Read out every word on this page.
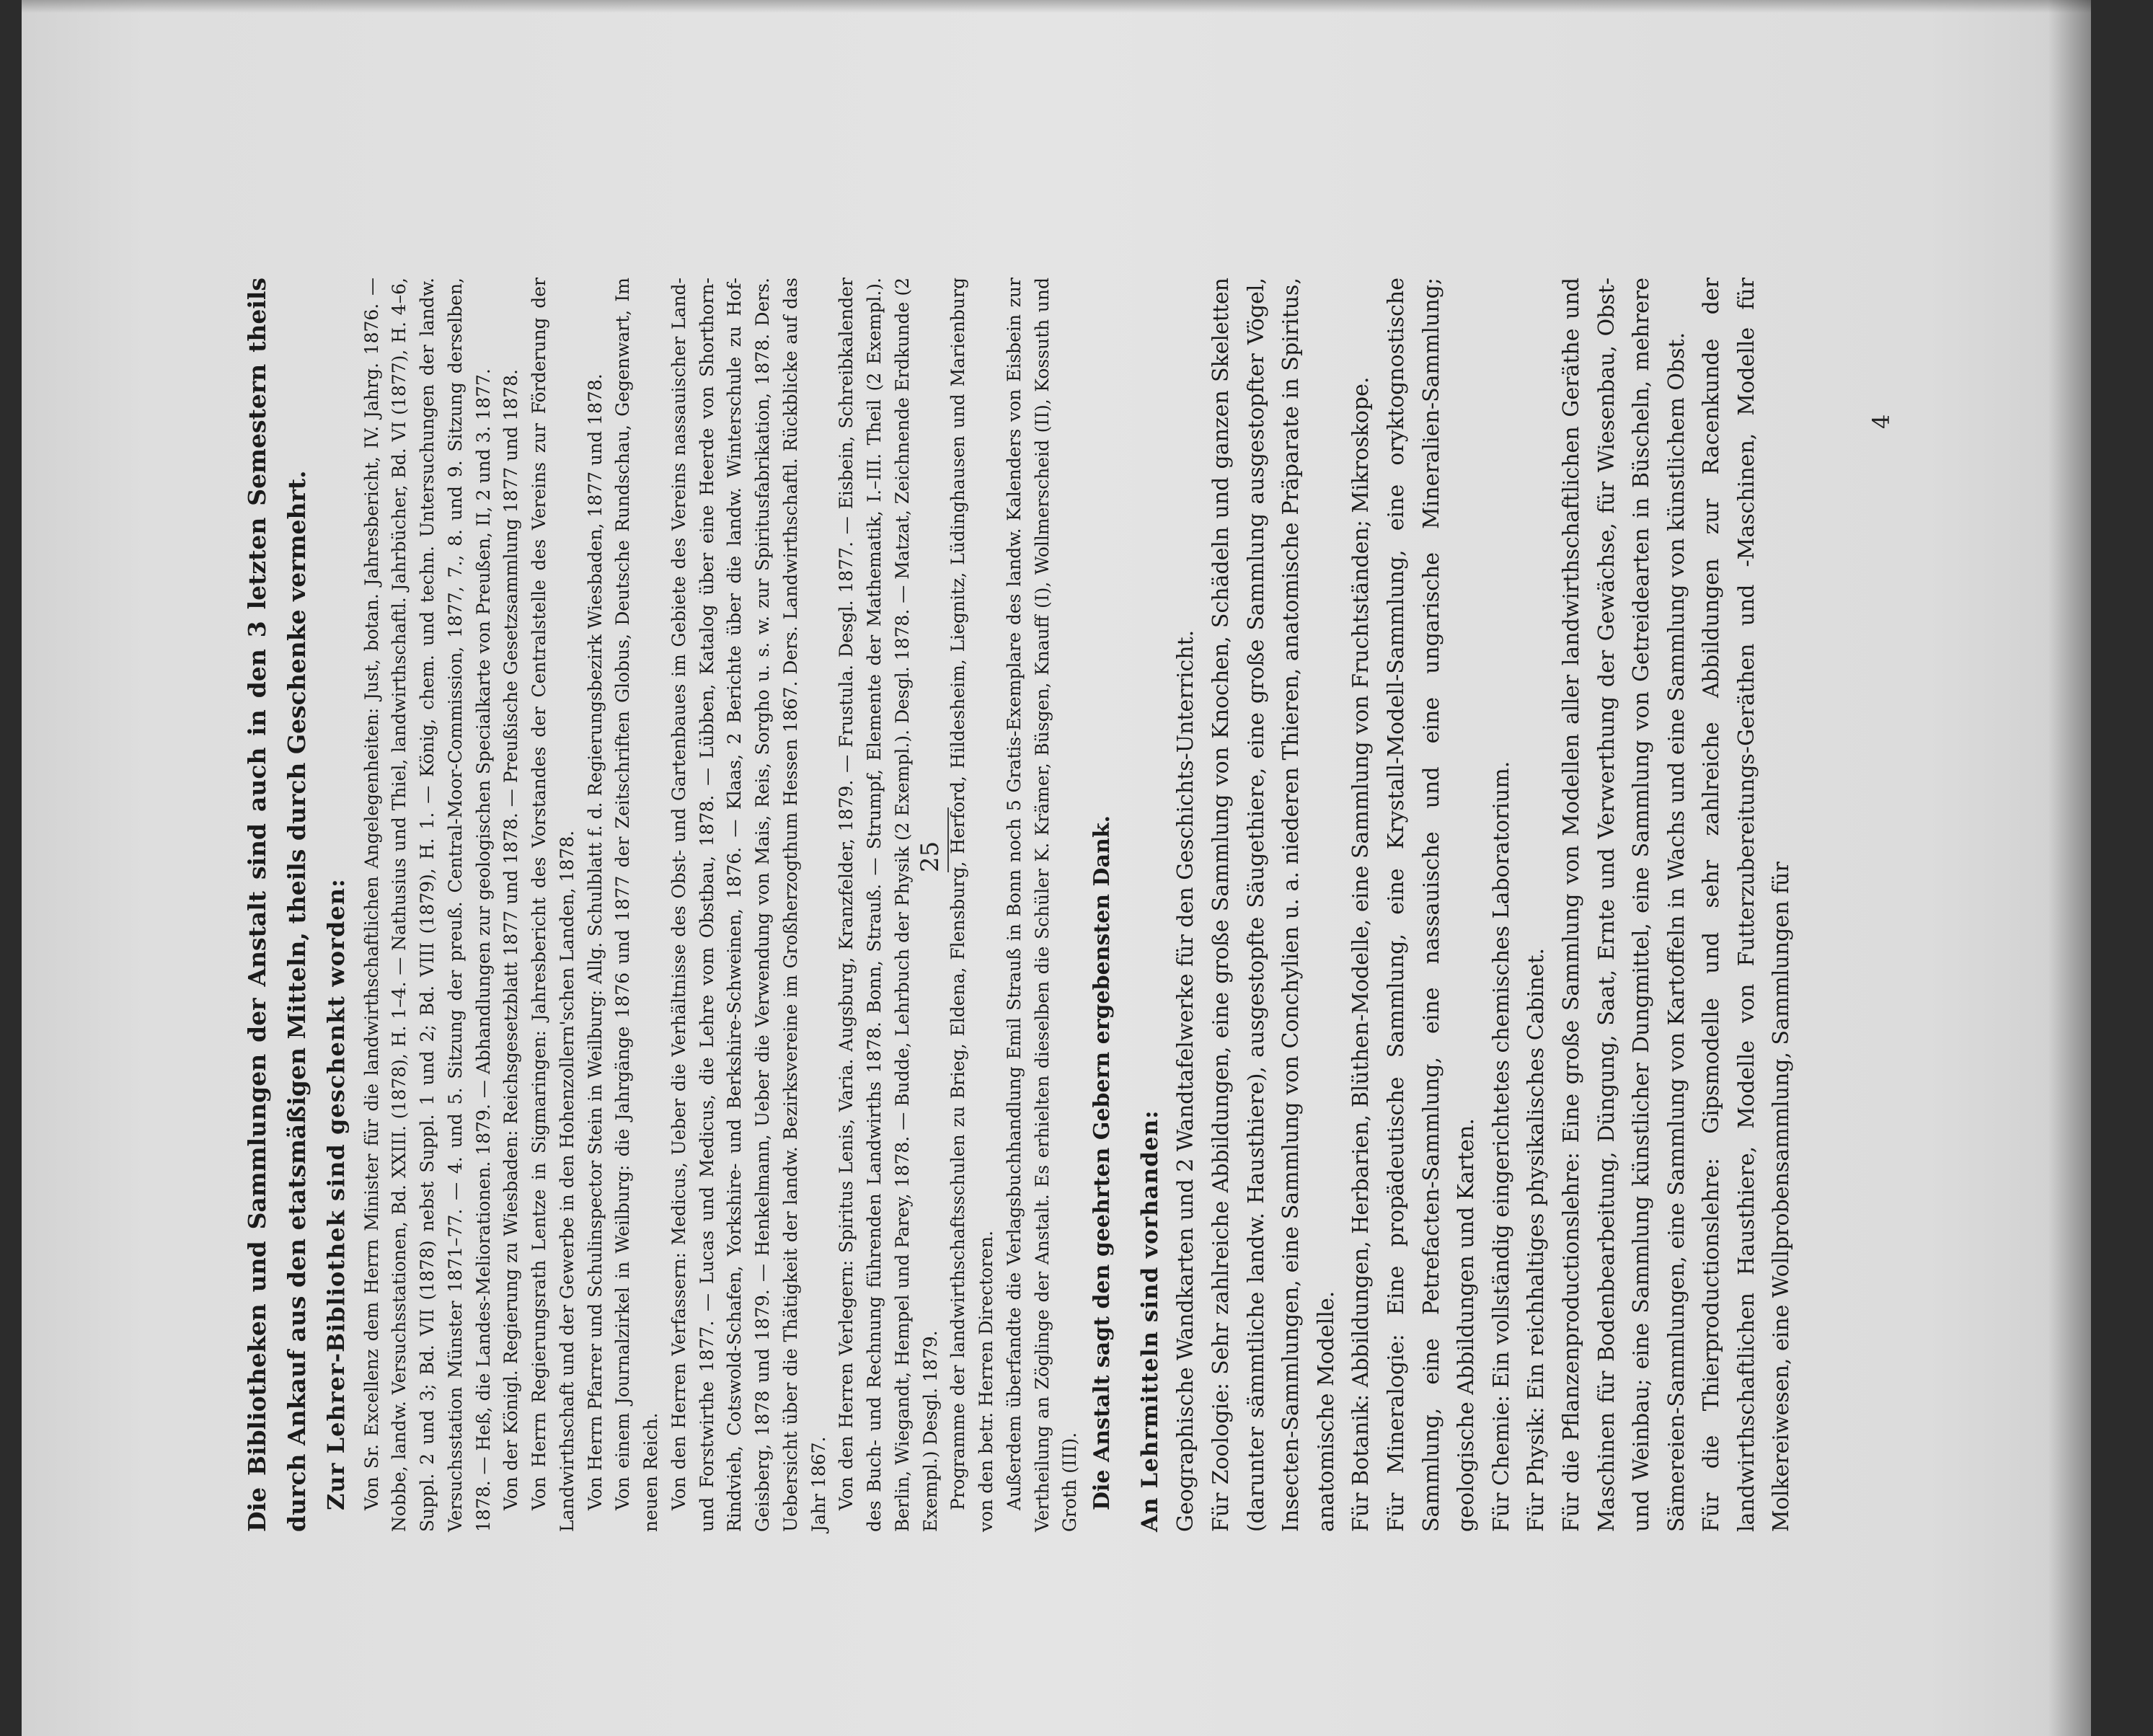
25
4

Die Bibliotheken und Sammlungen der Anstalt sind auch in den 3 letzten Semestern theils durch Ankauf aus den etatsmäßigen Mitteln, theils durch Geschenke vermehrt. Zur Lehrer-Bibliothek sind geschenkt worden: Von Sr. Excellenz dem Herrn Minister für die landwirthschaftlichen Angelegenheiten: Just, botan. Jahresbericht, IV. Jahrg. 1876. — Nobbe, landw. Versuchsstationen, Bd. XXIII. (1878), H. 1–4. — Nathusius und Thiel, landwirthschaftl. Jahrbücher, Bd. VI (1877), H. 4–6, Suppl. 2 und 3; Bd. VII (1878) nebst Suppl. 1 und 2; Bd. VIII (1879), H. 1. — König, chem. und techn. Untersuchungen der landw. Versuchsstation Münster 1871–77. — 4. und 5. Sitzung der preuß. Central-Moor-Commission, 1877, 7., 8. und 9. Sitzung derselben, 1878. — Heß, die Landes-Meliorationen. 1879. — Abhandlungen zur geologischen Specialkarte von Preußen, II, 2 und 3. 1877. Von der Königl. Regierung zu Wiesbaden: Reichsgesetzblatt 1877 und 1878. — Preußische Gesetzsammlung 1877 und 1878. Von Herrn Regierungsrath Lentze in Sigmaringen: Jahresbericht des Vorstandes der Centralstelle des Vereins zur Förderung der Landwirthschaft und der Gewerbe in den Hohenzollern'schen Landen, 1878. Von Herrn Pfarrer und Schulinspector Stein in Weilburg: Allg. Schulblatt f. d. Regierungsbezirk Wiesbaden, 1877 und 1878. Von einem Journalzirkel in Weilburg: die Jahrgänge 1876 und 1877 der Zeitschriften Globus, Deutsche Rundschau, Gegenwart, Im neuen Reich. Von den Herren Verfassern: Medicus, Ueber die Verhältnisse des Obst- und Gartenbaues im Gebiete des Vereins nassauischer Land- und Forstwirthe 1877. — Lucas und Medicus, die Lehre vom Obstbau, 1878. — Lübben, Katalog über eine Heerde von Shorthorn-Rindvieh, Cotswold-Schafen, Yorkshire- und Berkshire-Schweinen, 1876. — Klaas, 2 Berichte über die landw. Winterschule zu Hof-Geisberg, 1878 und 1879. — Henkelmann, Ueber die Verwendung von Mais, Reis, Sorgho u. s. w. zur Spiritusfabrikation, 1878. Ders. Uebersicht über die Thätigkeit der landw. Bezirksvereine im Großherzogthum Hessen 1867. Ders. Landwirthschaftl. Rückblicke auf das Jahr 1867. Von den Herren Verlegern: Spiritus Lenis, Varia. Augsburg, Kranzfelder, 1879. — Frustula. Desgl. 1877. — Eisbein, Schreibkalender des Buch- und Rechnung führenden Landwirths 1878. Bonn, Strauß. — Strumpf, Elemente der Mathematik, I.–III. Theil (2 Exempl.). Berlin, Wiegandt, Hempel und Parey, 1878. — Budde, Lehrbuch der Physik (2 Exempl.). Desgl. 1878. — Matzat, Zeichnende Erdkunde (2 Exempl.) Desgl. 1879. Programme der landwirthschaftsschulen zu Brieg, Eldena, Flensburg, Herford, Hildesheim, Liegnitz, Lüdinghausen und Marienburg von den betr. Herren Directoren. Außerdem überfandte die Verlagsbuchhandlung Emil Strauß in Bonn noch 5 Gratis-Exemplare des landw. Kalenders von Eisbein zur Vertheilung an Zöglinge der Anstalt. Es erhielten dieselben die Schüler K. Krämer, Büsgen, Knauff (I), Wollmerscheid (II), Kossuth und Groth (III). Die Anstalt sagt den geehrten Gebern ergebensten Dank. An Lehrmitteln sind vorhanden: Geographische Wandkarten und 2 Wandtafelwerke für den Geschichts-Unterricht. Für Zoologie: Sehr zahlreiche Abbildungen, eine große Sammlung von Knochen, Schädeln und ganzen Skeletten (darunter sämmtliche landw. Hausthiere), ausgestopfte Säugethiere, eine große Sammlung ausgestopfter Vögel, Insecten-Sammlungen, eine Sammlung von Conchylien u. a. niederen Thieren, anatomische Präparate in Spiritus, anatomische Modelle. Für Botanik: Abbildungen, Herbarien, Blüthen-Modelle, eine Sammlung von Fruchtständen; Mikroskope. Für Mineralogie: Eine propädeutische Sammlung, eine Krystall-Modell-Sammlung, eine oryktognostische Sammlung, eine Petrefacten-Sammlung, eine nassauische und eine ungarische Mineralien-Sammlung; geologische Abbildungen und Karten. Für Chemie: Ein vollständig eingerichtetes chemisches Laboratorium. Für Physik: Ein reichhaltiges physikalisches Cabinet. Für die Pflanzenproductionslehre: Eine große Sammlung von Modellen aller landwirthschaftlichen Geräthe und Maschinen für Bodenbearbeitung, Düngung, Saat, Ernte und Verwerthung der Gewächse, für Wiesenbau, Obst- und Weinbau; eine Sammlung künstlicher Dungmittel, eine Sammlung von Getreidearten in Büscheln, mehrere Sämereien-Sammlungen, eine Sammlung von Kartoffeln in Wachs und eine Sammlung von künstlichem Obst. Für die Thierproductionslehre: Gipsmodelle und sehr zahlreiche Abbildungen zur Racenkunde der landwirthschaftlichen Hausthiere, Modelle von Futterzubereitungs-Geräthen und -Maschinen, Modelle für Molkereiwesen, eine Wollprobensammlung, Sammlungen für
